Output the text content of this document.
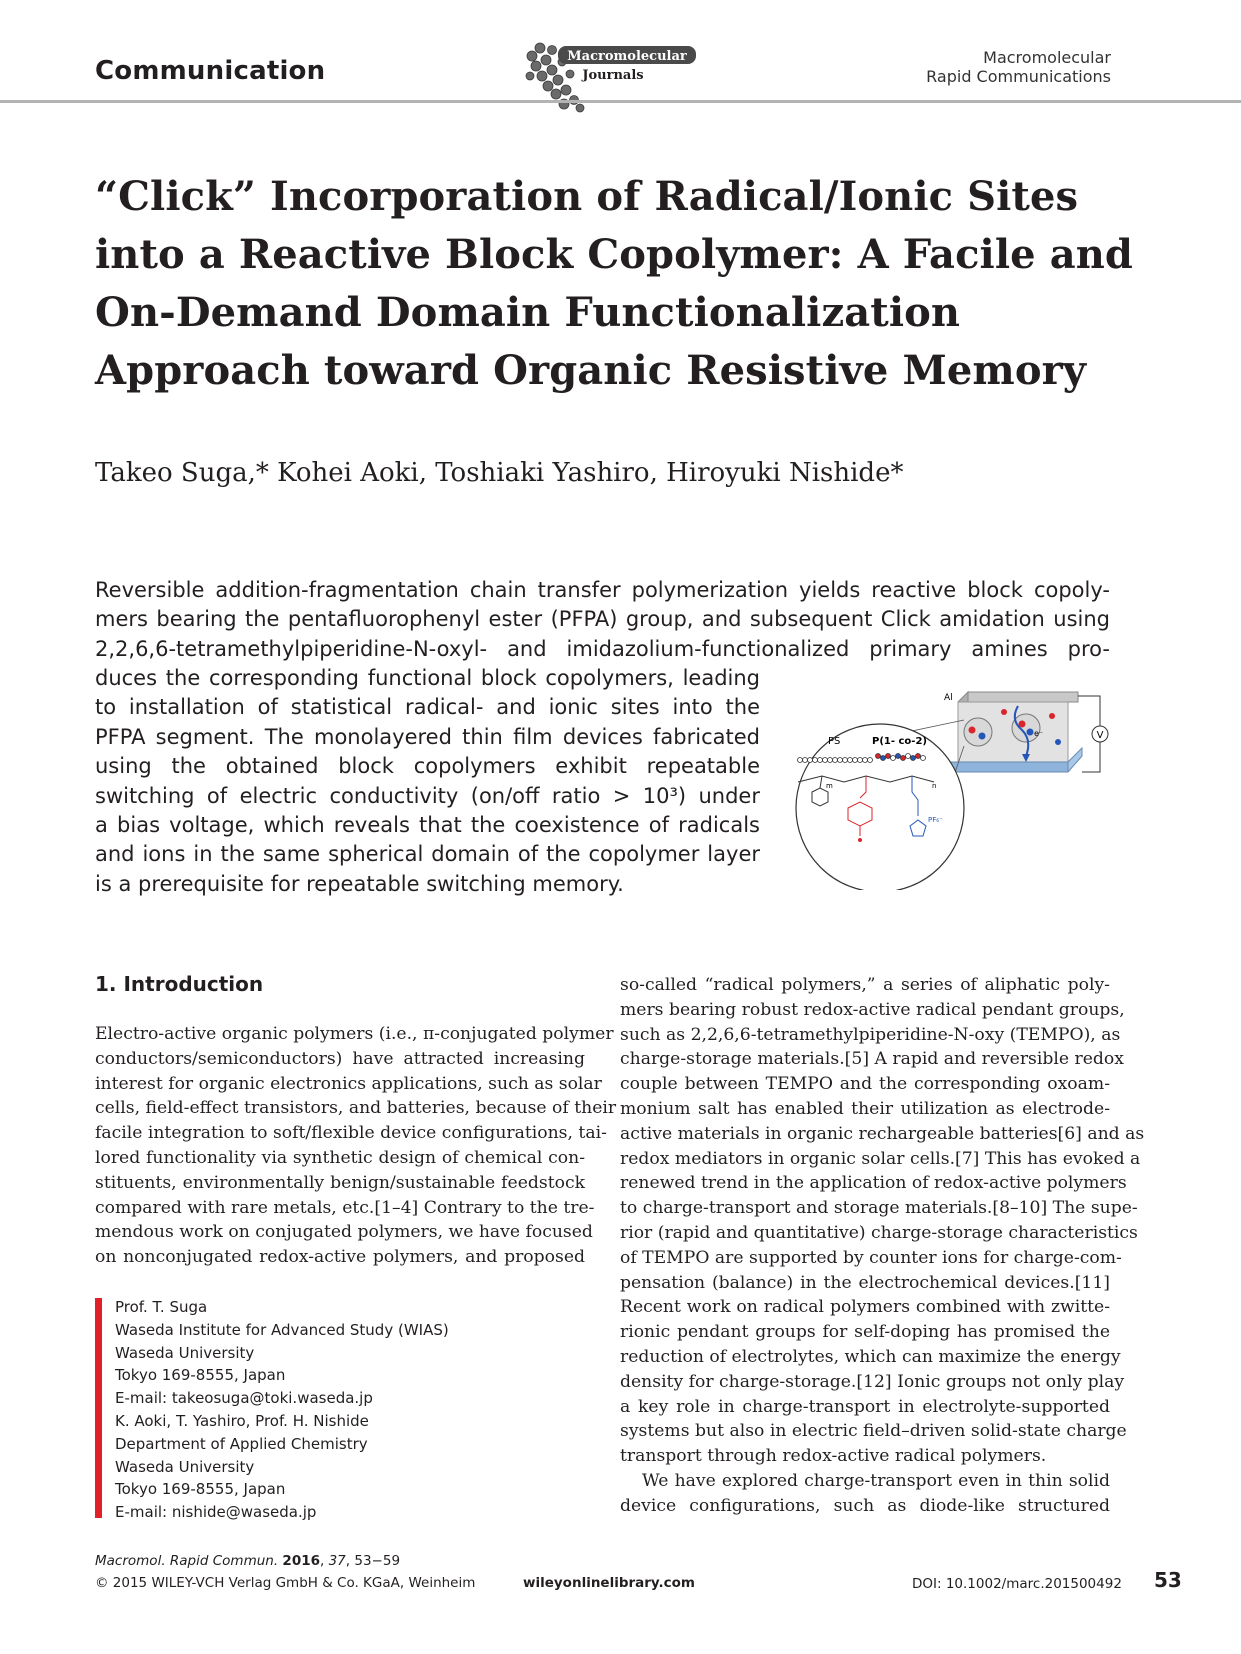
Communication	Macromolecular
Journals
Macromolecular
Rapid Communications
“Click” Incorporation of Radical/Ionic Sites
into a Reactive Block Copolymer: A Facile and
On-Demand Domain Functionalization
Approach toward Organic Resistive Memory
Takeo Suga,* Kohei Aoki, Toshiaki Yashiro, Hiroyuki Nishide*
Reversible addition-fragmentation chain transfer polymerization yields reactive block copoly-
mers bearing the pentafluorophenyl ester (PFPA) group, and subsequent Click amidation using
2,2,6,6-tetramethylpiperidine-N-oxyl- and imidazolium-functionalized primary amines pro-
duces the corresponding functional block copolymers, leading
to installation of statistical radical- and ionic sites into the
PFPA segment. The monolayered thin film devices fabricated
using the obtained block copolymers exhibit repeatable
switching of electric conductivity (on/off ratio > 10³) under
a bias voltage, which reveals that the coexistence of radicals
and ions in the same spherical domain of the copolymer layer
is a prerequisite for repeatable switching memory.
e⁻
Al
V
PS	P(1- co-2)
m	n
PF₆⁻
1. Introduction
Electro-active organic polymers (i.e., π-conjugated polymer
conductors/semiconductors) have attracted increasing
interest for organic electronics applications, such as solar
cells, field-effect transistors, and batteries, because of their
facile integration to soft/flexible device configurations, tai-
lored functionality via synthetic design of chemical con-
stituents, environmentally benign/sustainable feedstock
compared with rare metals, etc.[1–4] Contrary to the tre-
mendous work on conjugated polymers, we have focused
on nonconjugated redox-active polymers, and proposed
Prof. T. Suga
Waseda Institute for Advanced Study (WIAS)
Waseda University
Tokyo 169-8555, Japan
E-mail: takeosuga@toki.waseda.jp
K. Aoki, T. Yashiro, Prof. H. Nishide
Department of Applied Chemistry
Waseda University
Tokyo 169-8555, Japan
E-mail: nishide@waseda.jp
so-called “radical polymers,” a series of aliphatic poly-
mers bearing robust redox-active radical pendant groups,
such as 2,2,6,6-tetramethylpiperidine-N-oxy (TEMPO), as
charge-storage materials.[5] A rapid and reversible redox
couple between TEMPO and the corresponding oxoam-
monium salt has enabled their utilization as electrode-
active materials in organic rechargeable batteries[6] and as
redox mediators in organic solar cells.[7] This has evoked a
renewed trend in the application of redox-active polymers
to charge-transport and storage materials.[8–10] The supe-
rior (rapid and quantitative) charge-storage characteristics
of TEMPO are supported by counter ions for charge-com-
pensation (balance) in the electrochemical devices.[11]
Recent work on radical polymers combined with zwitte-
rionic pendant groups for self-doping has promised the
reduction of electrolytes, which can maximize the energy
density for charge-storage.[12] Ionic groups not only play
a key role in charge-transport in electrolyte-supported
systems but also in electric field–driven solid-state charge
transport through redox-active radical polymers.
We have explored charge-transport even in thin solid
device configurations, such as diode-like structured
Macromol. Rapid Commun. 2016, 37, 53−59
© 2015 WILEY-VCH Verlag GmbH & Co. KGaA, Weinheim	wileyonlinelibrary.com	DOI: 10.1002/marc.201500492 53
